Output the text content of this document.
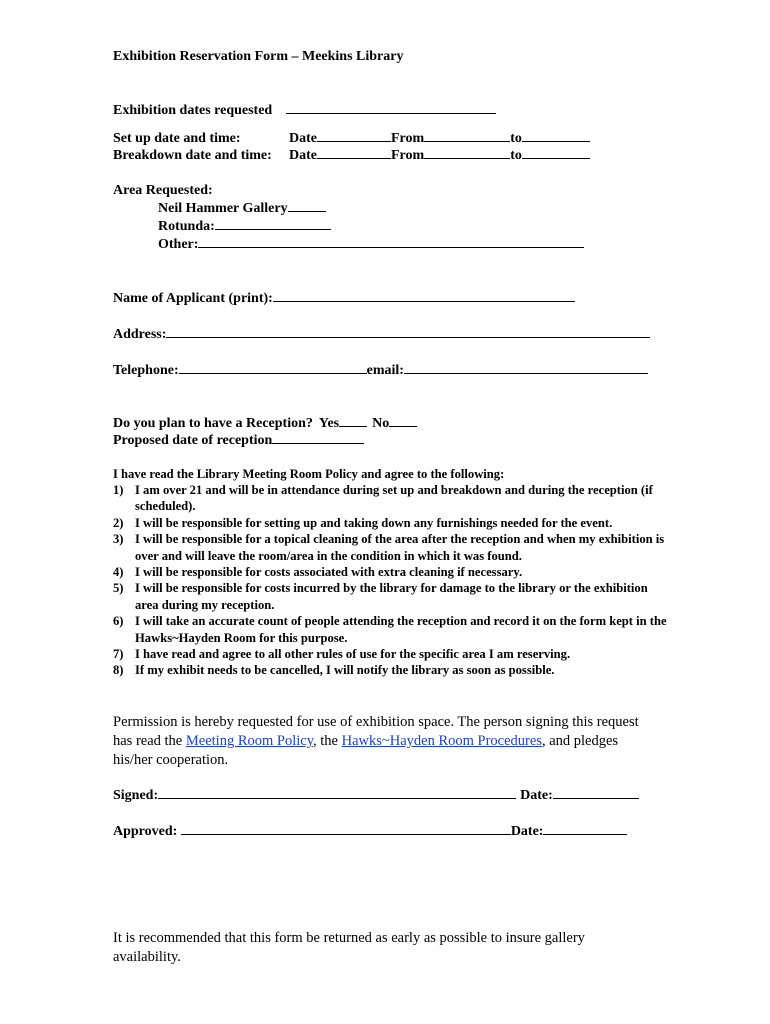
Exhibition Reservation Form – Meekins Library
Exhibition dates requested
Set up date and time:	Date	From	to
Breakdown date and time: Date	From	to
Area Requested:
Neil Hammer Gallery
Rotunda:
Other:
Name of Applicant (print):
Address:
Telephone:	email:
Do you plan to have a Reception? Yes No
Proposed date of reception
I have read the Library Meeting Room Policy and agree to the following:
1) I am over 21 and will be in attendance during set up and breakdown and during the reception (if scheduled).
2) I will be responsible for setting up and taking down any furnishings needed for the event.
3) I will be responsible for a topical cleaning of the area after the reception and when my exhibition is over and will leave the room/area in the condition in which it was found.
4) I will be responsible for costs associated with extra cleaning if necessary.
5) I will be responsible for costs incurred by the library for damage to the library or the exhibition area during my reception.
6) I will take an accurate count of people attending the reception and record it on the form kept in the Hawks~Hayden Room for this purpose.
7) I have read and agree to all other rules of use for the specific area I am reserving.
8) If my exhibit needs to be cancelled, I will notify the library as soon as possible.
Permission is hereby requested for use of exhibition space. The person signing this request has read the Meeting Room Policy, the Hawks~Hayden Room Procedures, and pledges his/her cooperation.
Signed:	Date:
Approved:	Date:
It is recommended that this form be returned as early as possible to insure gallery availability.
